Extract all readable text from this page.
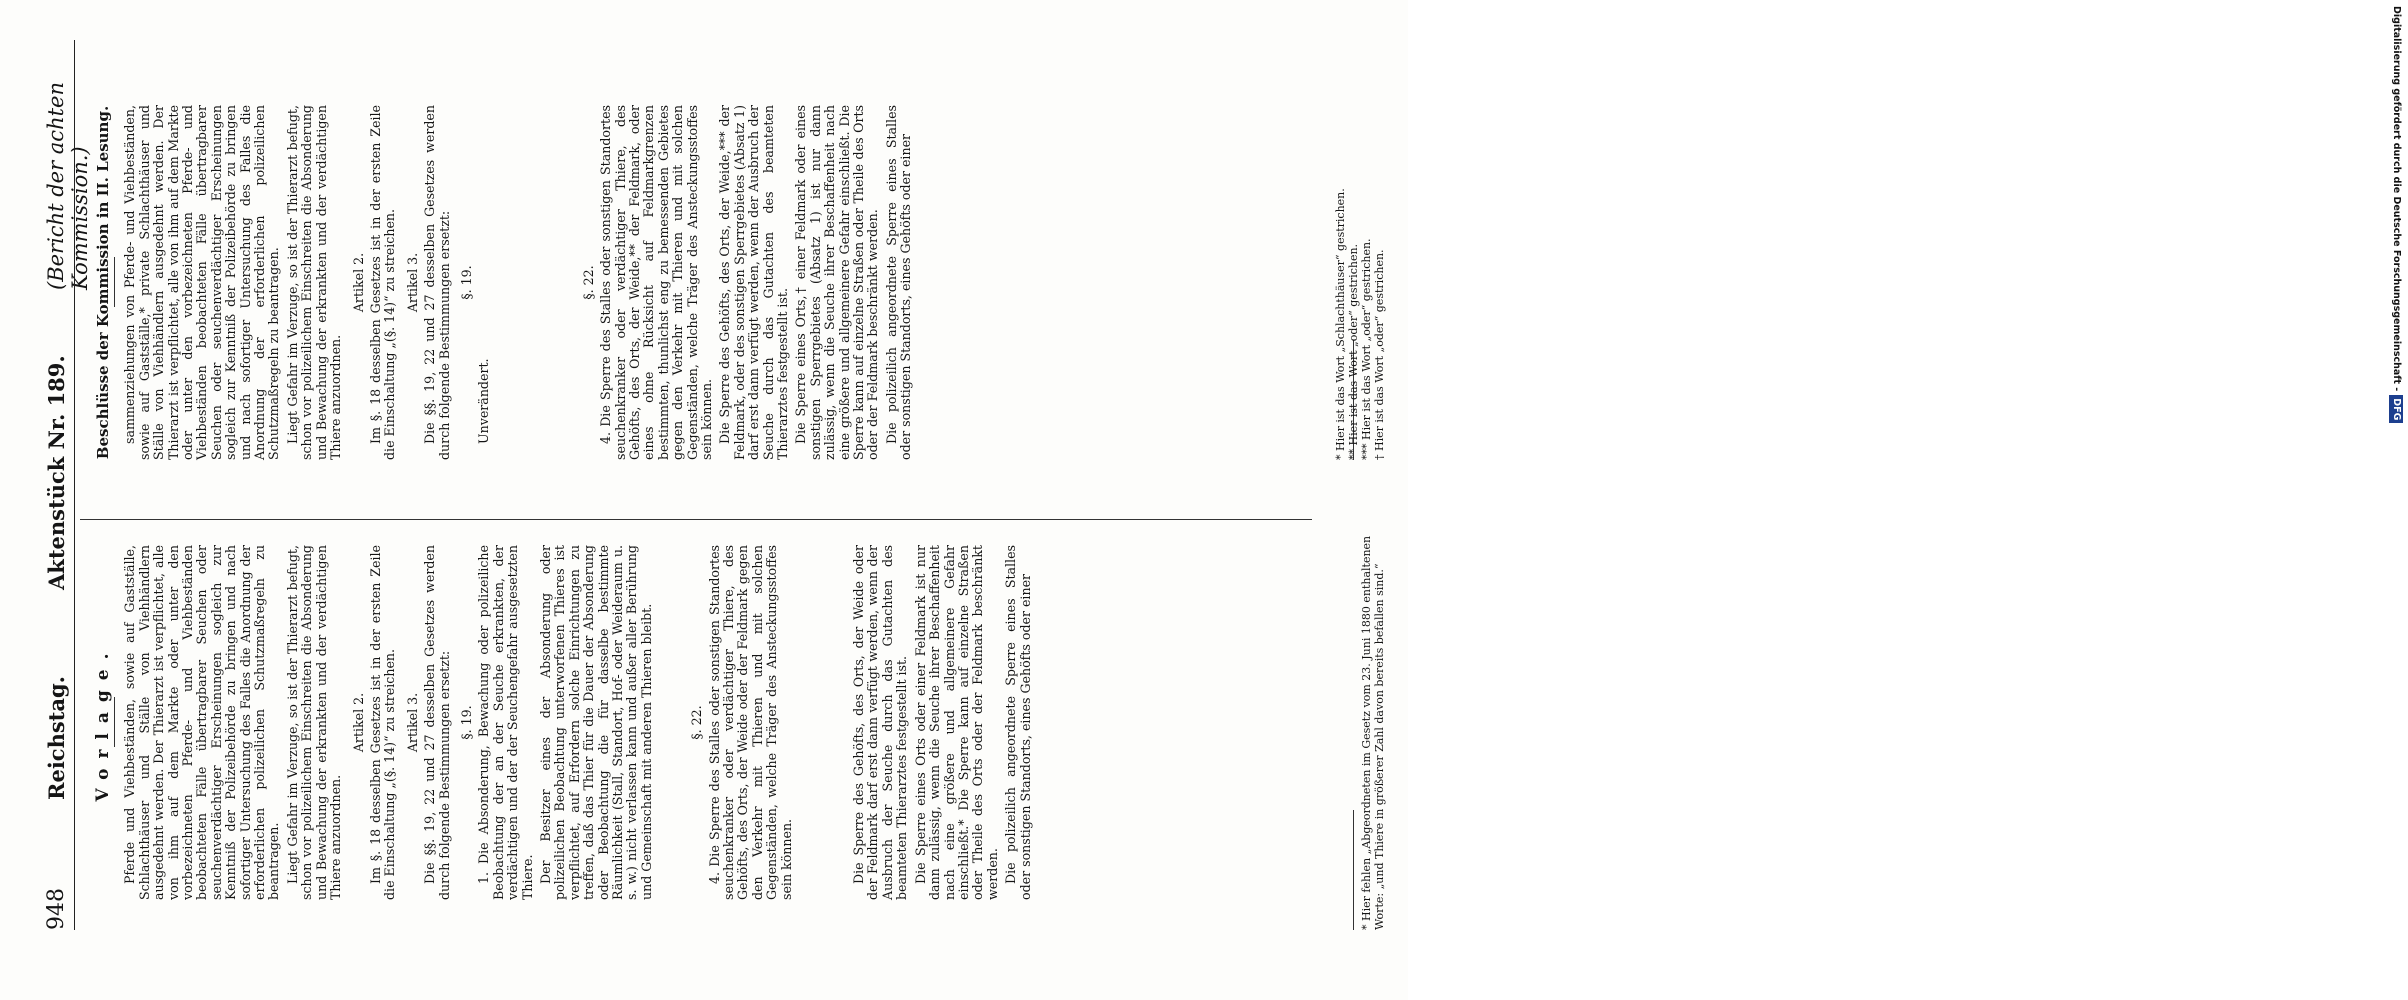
948
Reichstag.
Aktenstück Nr. 189.
(Bericht der achten Kommission.)
Vorlage. Pferde und Viehbeständen, sowie auf Gastställe, Schlachthäuser und Ställe von Viehhändlern ausgedehnt werden. Der Thierarzt ist verpflichtet, alle von ihm auf dem Markte oder unter den vorbezeichneten Pferde- und Viehbeständen beobachteten Fälle übertragbarer Seuchen oder seuchenverdächtiger Erscheinungen sogleich zur Kenntniß der Polizeibehörde zu bringen und nach sofortiger Untersuchung des Falles die Anordnung der erforderlichen polizeilichen Schutzmaßregeln zu beantragen. Liegt Gefahr im Verzuge, so ist der Thierarzt befugt, schon vor polizeilichem Einschreiten die Absonderung und Bewachung der erkrankten und der verdächtigen Thiere anzuordnen.

Artikel 2. Im §. 18 desselben Gesetzes ist in der ersten Zeile die Einschaltung „(§. 14)“ zu streichen. Artikel 3. Die §§. 19, 22 und 27 desselben Gesetzes werden durch folgende Bestimmungen ersetzt: §. 19. 1. Die Absonderung, Bewachung oder polizeiliche Beobachtung der an der Seuche erkrankten, der verdächtigen und der der Seuchengefahr ausgesetzten Thiere. Der Besitzer eines der Absonderung oder polizeilichen Beobachtung unterworfenen Thieres ist verpflichtet, auf Erfordern solche Einrichtungen zu treffen, daß das Thier für die Dauer der Absonderung oder Beobachtung die für dasselbe bestimmte Räumlichkeit (Stall, Standort, Hof- oder Weideraum u. s. w.) nicht verlassen kann und außer aller Berührung und Gemeinschaft mit anderen Thieren bleibt.	§. 22. 4. Die Sperre des Stalles oder sonstigen Standortes seuchenkranker oder verdächtiger Thiere, des Gehöfts, des Orts, der Weide oder der Feldmark gegen den Verkehr mit Thieren und mit solchen Gegenständen, welche Träger des Ansteckungsstoffes sein können.	Die Sperre des Gehöfts, des Orts, der Weide oder der Feldmark darf erst dann verfügt werden, wenn der Ausbruch der Seuche durch das Gutachten des beamteten Thierarztes festgestellt ist. Die Sperre eines Orts oder einer Feldmark ist nur dann zulässig, wenn die Seuche ihrer Beschaffenheit nach eine größere und allgemeinere Gefahr einschließt.* Die Sperre kann auf einzelne Straßen oder Theile des Orts oder der Feldmark beschränkt werden. Die polizeilich angeordnete Sperre eines Stalles oder sonstigen Standorts, eines Gehöfts oder einer

Beschlüsse der Kommission in II. Lesung. sammenziehungen von Pferde- und Viehbeständen, sowie auf Gastställe,* private Schlachthäuser und Ställe von Viehhändlern ausgedehnt werden. Der Thierarzt ist verpflichtet, alle von ihm auf dem Markte oder unter den vorbezeichneten Pferde- und Viehbeständen beobachteten Fälle übertragbarer Seuchen oder seuchenverdächtiger Erscheinungen sogleich zur Kenntniß der Polizeibehörde zu bringen und nach sofortiger Untersuchung des Falles die Anordnung der erforderlichen polizeilichen Schutzmaßregeln zu beantragen. Liegt Gefahr im Verzuge, so ist der Thierarzt befugt, schon vor polizeilichem Einschreiten die Absonderung und Bewachung der erkrankten und der verdächtigen Thiere anzuordnen.

Artikel 2. Im §. 18 desselben Gesetzes ist in der ersten Zeile die Einschaltung „(§. 14)“ zu streichen. Artikel 3. Die §§. 19, 22 und 27 desselben Gesetzes werden durch folgende Bestimmungen ersetzt: §. 19.

Unverändert.

§. 22. 4. Die Sperre des Stalles oder sonstigen Standortes seuchenkranker oder verdächtiger Thiere, des Gehöfts, des Orts, der Weide,** der Feldmark, oder eines ohne Rücksicht auf Feldmarkgrenzen bestimmten, thunlichst eng zu bemessenden Gebietes gegen den Verkehr mit Thieren und mit solchen Gegenständen, welche Träger des Ansteckungsstoffes sein können. Die Sperre des Gehöfts, des Orts, der Weide,*** der Feldmark, oder des sonstigen Sperrgebietes (Absatz 1) darf erst dann verfügt werden, wenn der Ausbruch der Seuche durch das Gutachten des beamteten Thierarztes festgestellt ist. Die Sperre eines Orts,† einer Feldmark oder eines sonstigen Sperrgebietes (Absatz 1) ist nur dann zulässig, wenn die Seuche ihrer Beschaffenheit nach eine größere und allgemeinere Gefahr einschließt. Die Sperre kann auf einzelne Straßen oder Theile des Orts oder der Feldmark beschränkt werden. Die polizeilich angeordnete Sperre eines Stalles oder sonstigen Standorts, eines Gehöfts oder einer

* Hier fehlen „Abgeordneten im Gesetz vom 23. Juni 1880 enthaltenen Worte: „und Thiere in größerer Zahl davon bereits befallen sind.“
* Hier ist das Wort „Schlachthäuser“ gestrichen. ** Hier ist das Wort „oder“ gestrichen. *** Hier ist das Wort „oder“ gestrichen. † Hier ist das Wort „oder“ gestrichen.	Digitalisierung gefördert durch die Deutsche Forschungsgemeinschaft -DFG
